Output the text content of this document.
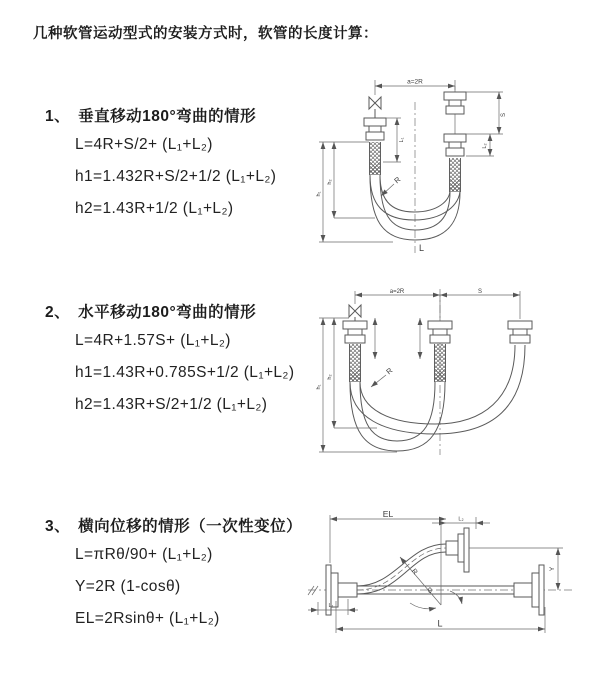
几种软管运动型式的安装方式时，软管的长度计算：
1、 垂直移动180°弯曲的情形
L=4R+S/2+ (L₁+L₂)
h1=1.432R+S/2+1/2 (L₁+L₂)
h2=1.43R+1/2 (L₁+L₂)
2、 水平移动180°弯曲的情形
L=4R+1.57S+ (L₁+L₂)
h1=1.43R+0.785S+1/2 (L₁+L₂)
h2=1.43R+S/2+1/2 (L₁+L₂)
3、 横向位移的情形（一次性变位）
L=πRθ/90+ (L₁+L₂)
Y=2R (1-cosθ)
EL=2Rsinθ+ (L₁+L₂)
a=2R
S
L₂
h₁
h₂
L₁
R
L
a=2R	S
h₁
h₂
R
EL
L₂
Y
L
L₁
R
θ
